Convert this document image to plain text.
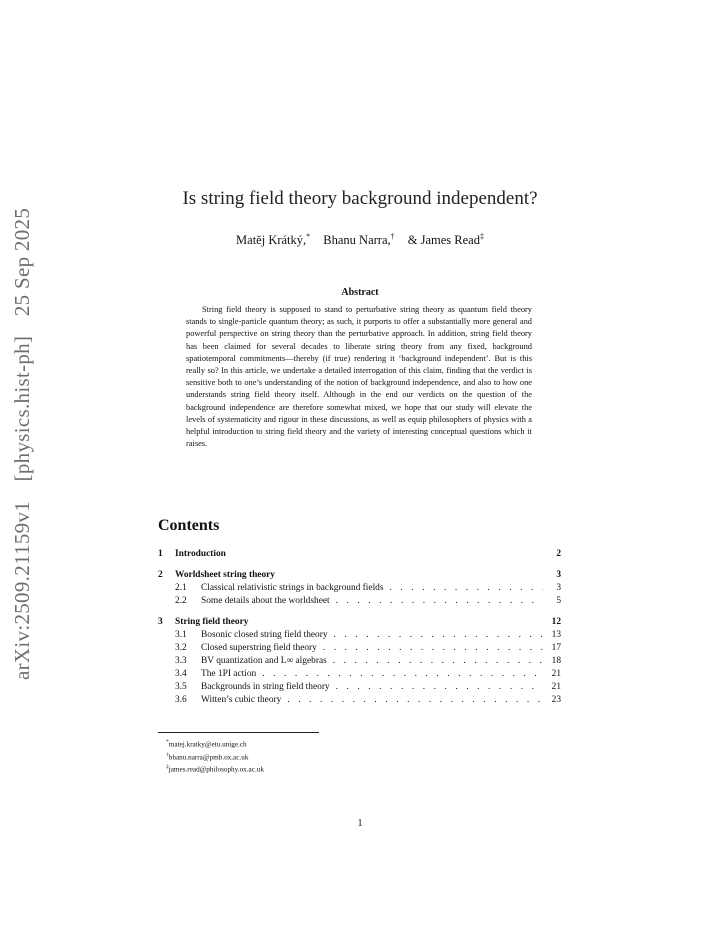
arXiv:2509.21159v1 [physics.hist-ph] 25 Sep 2025
Is string field theory background independent?
Matěj Krátký,* Bhanu Narra,† & James Read‡
Abstract
String field theory is supposed to stand to perturbative string theory as quantum field theory stands to single-particle quantum theory; as such, it purports to offer a substantially more general and powerful perspective on string theory than the perturbative approach. In addition, string field theory has been claimed for several decades to liberate string theory from any fixed, background spatiotemporal commitments—thereby (if true) rendering it ‘background independent’. But is this really so? In this article, we undertake a detailed interrogation of this claim, finding that the verdict is sensitive both to one’s understanding of the notion of background independence, and also to how one understands string field theory itself. Although in the end our verdicts on the question of the background independence are therefore somewhat mixed, we hope that our study will elevate the levels of systematicity and rigour in these discussions, as well as equip philosophers of physics with a helpful introduction to string field theory and the variety of interesting conceptual questions which it raises.
Contents
1	Introduction	2
2	Worldsheet string theory	3
2.1	Classical relativistic strings in background fields . . .	3
2.2	Some details about the worldsheet . . .	5
3	String field theory	12
3.1	Bosonic closed string field theory . . .	13
3.2	Closed superstring field theory . . .	17
3.3	BV quantization and L∞ algebras . . .	18
3.4	The 1PI action . . .	21
3.5	Backgrounds in string field theory . . .	21
3.6	Witten’s cubic theory . . .	23
*matej.kratky@etu.unige.ch
†bhanu.narra@pmb.ox.ac.uk
‡james.read@philosophy.ox.ac.uk
1
